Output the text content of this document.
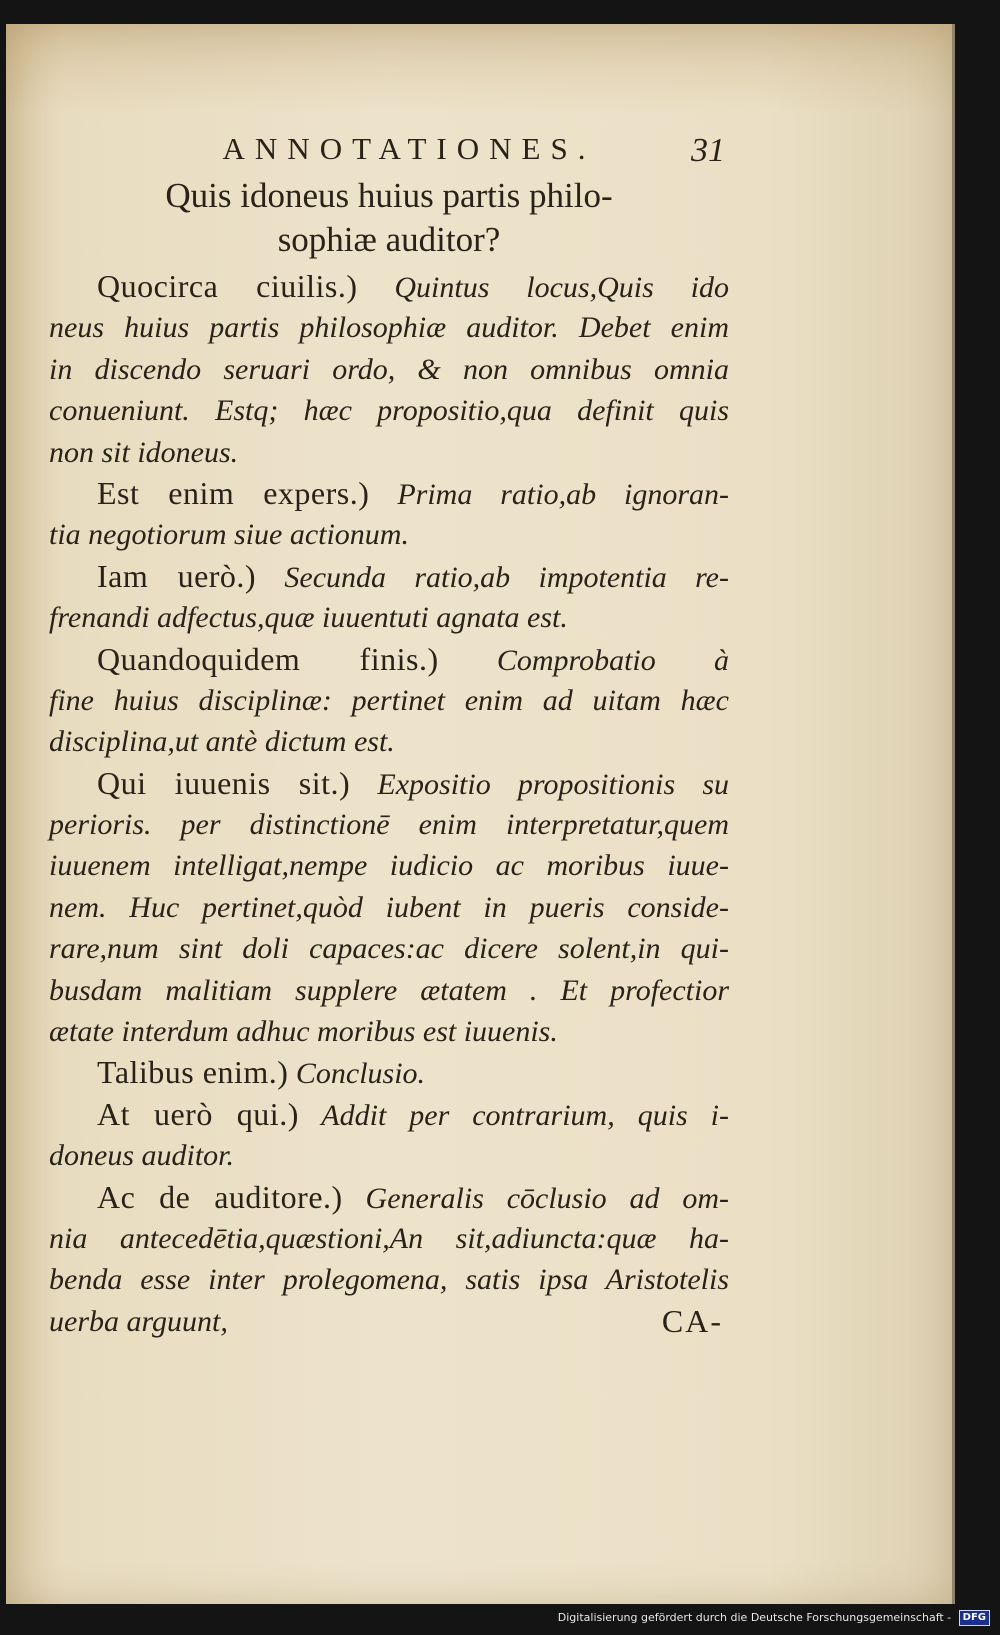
ANNOTATIONES.	31
Quis idoneus huius partis philo-
sophiæ auditor?
Quocirca ciuilis.) Quintus locus,Quis ido
neus huius partis philosophiæ auditor. Debet enim
in discendo seruari ordo, & non omnibus omnia
conueniunt. Estq; hæc propositio,qua definit quis
non sit idoneus.
Est enim expers.) Prima ratio,ab ignoran-
tia negotiorum siue actionum.
Iam uerò.) Secunda ratio,ab impotentia re-
frenandi adfectus,quæ iuuentuti agnata est.
Quandoquidem finis.) Comprobatio à
fine huius disciplinæ: pertinet enim ad uitam hæc
disciplina,ut antè dictum est.
Qui iuuenis sit.) Expositio propositionis su
perioris. per distinctionē enim interpretatur,quem
iuuenem intelligat,nempe iudicio ac moribus iuue-
nem. Huc pertinet,quòd iubent in pueris conside-
rare,num sint doli capaces:ac dicere solent,in qui-
busdam malitiam supplere ætatem . Et profectior
ætate interdum adhuc moribus est iuuenis.
Talibus enim.) Conclusio.
At uerò qui.) Addit per contrarium, quis i-
doneus auditor.
Ac de auditore.) Generalis cōclusio ad om-
nia antecedētia,quæstioni,An sit,adiuncta:quæ ha-
benda esse inter prolegomena, satis ipsa Aristotelis
uerba arguunt,	CA-
Digitalisierung gefördert durch die Deutsche Forschungsgemeinschaft - DFG
